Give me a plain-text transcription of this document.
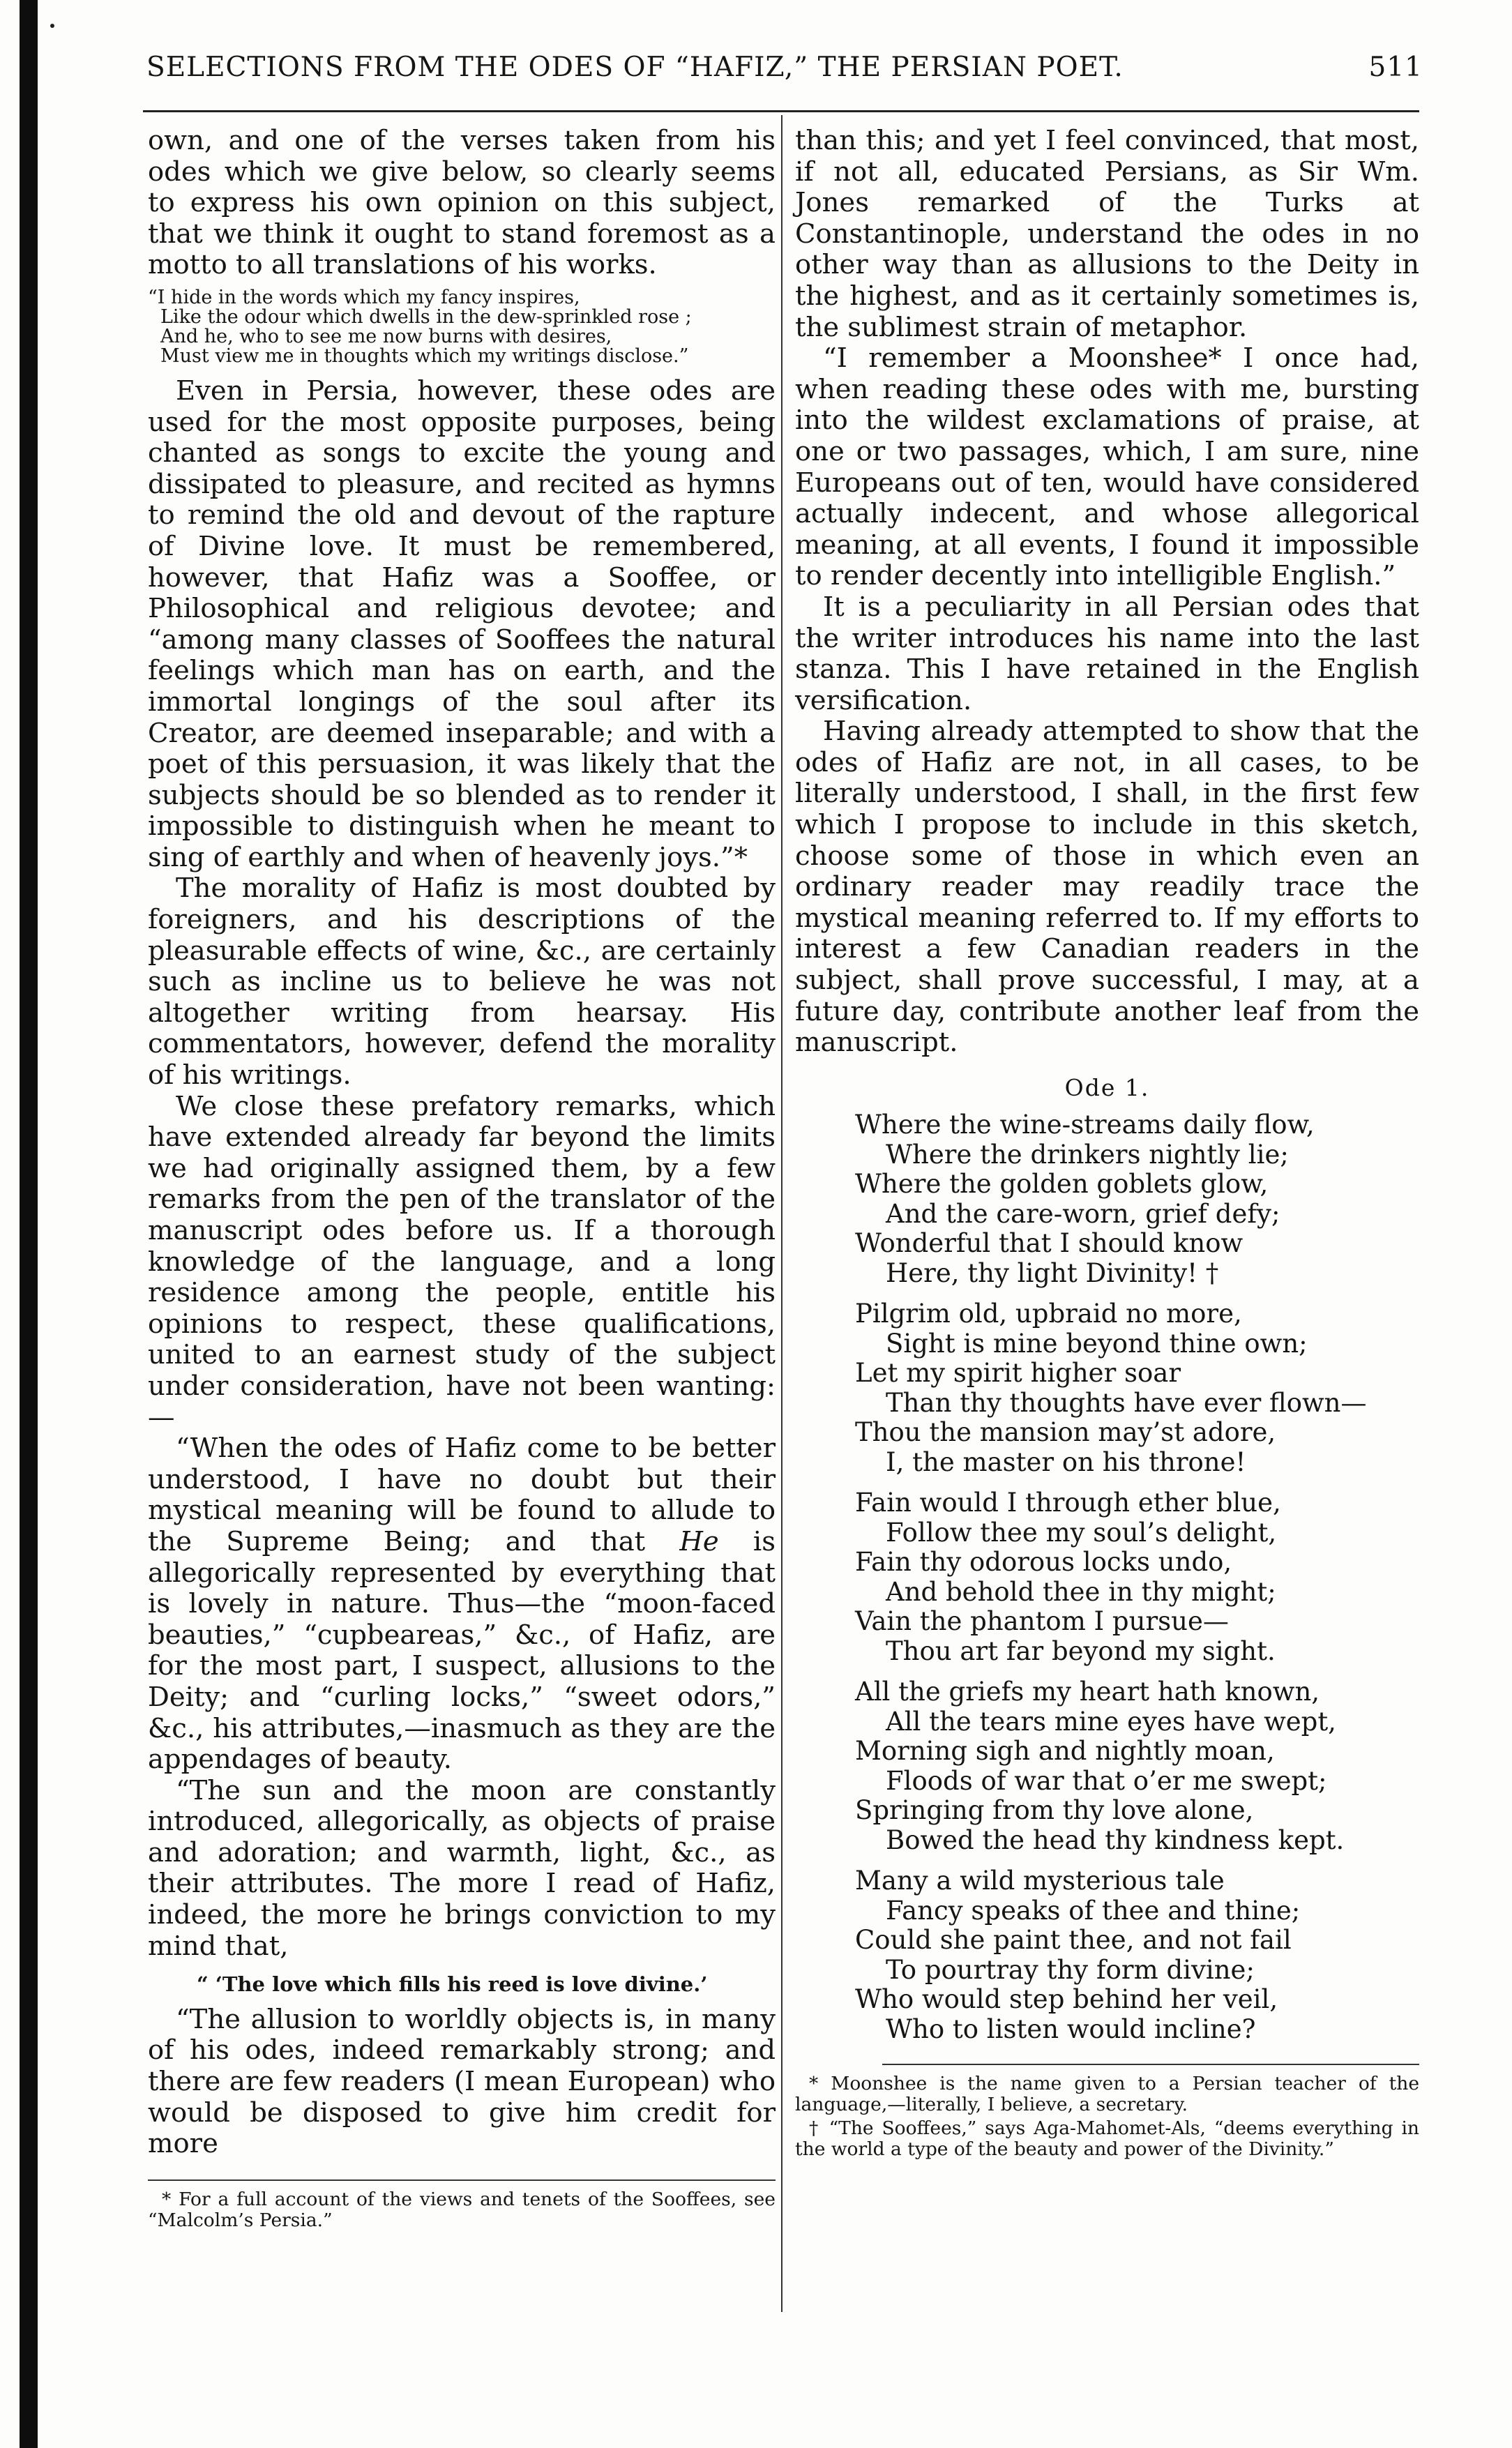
SELECTIONS FROM THE ODES OF “HAFIZ,” THE PERSIAN POET.	511

own, and one of the verses taken from his odes which we give below, so clearly seems to express his own opinion on this subject, that we think it ought to stand foremost as a motto to all translations of his works.

“I hide in the words which my fancy inspires,
Like the odour which dwells in the dew-sprinkled rose ;
And he, who to see me now burns with desires,
Must view me in thoughts which my writings disclose.”

Even in Persia, however, these odes are used for the most opposite purposes, being chanted as songs to excite the young and dissipated to pleasure, and recited as hymns to remind the old and devout of the rapture of Divine love. It must be remembered, however, that Hafiz was a Sooffee, or Philosophical and religious devotee; and “among many classes of Sooffees the natural feelings which man has on earth, and the immortal longings of the soul after its Creator, are deemed inseparable; and with a poet of this persuasion, it was likely that the subjects should be so blended as to render it impossible to distinguish when he meant to sing of earthly and when of heavenly joys.”*

The morality of Hafiz is most doubted by foreigners, and his descriptions of the pleasurable effects of wine, &c., are certainly such as incline us to believe he was not altogether writing from hearsay. His commentators, however, defend the morality of his writings.

We close these prefatory remarks, which have extended already far beyond the limits we had originally assigned them, by a few remarks from the pen of the translator of the manuscript odes before us. If a thorough knowledge of the language, and a long residence among the people, entitle his opinions to respect, these qualifications, united to an earnest study of the subject under consideration, have not been wanting:—

“When the odes of Hafiz come to be better understood, I have no doubt but their mystical meaning will be found to allude to the Supreme Being; and that He is allegorically represented by everything that is lovely in nature. Thus—the “moon-faced beauties,” “cupbeareas,” &c., of Hafiz, are for the most part, I suspect, allusions to the Deity; and “curling locks,” “sweet odors,” &c., his attributes,—inasmuch as they are the appendages of beauty.

“The sun and the moon are constantly introduced, allegorically, as objects of praise and adoration; and warmth, light, &c., as their attributes. The more I read of Hafiz, indeed, the more he brings conviction to my mind that,

“ ‘The love which fills his reed is love divine.’

“The allusion to worldly objects is, in many of his odes, indeed remarkably strong; and there are few readers (I mean European) who would be disposed to give him credit for more

* For a full account of the views and tenets of the Sooffees, see “Malcolm’s Persia.”

than this; and yet I feel convinced, that most, if not all, educated Persians, as Sir Wm. Jones remarked of the Turks at Constantinople, understand the odes in no other way than as allusions to the Deity in the highest, and as it certainly sometimes is, the sublimest strain of metaphor.

“I remember a Moonshee* I once had, when reading these odes with me, bursting into the wildest exclamations of praise, at one or two passages, which, I am sure, nine Europeans out of ten, would have considered actually indecent, and whose allegorical meaning, at all events, I found it impossible to render decently into intelligible English.”

It is a peculiarity in all Persian odes that the writer introduces his name into the last stanza. This I have retained in the English versification.

Having already attempted to show that the odes of Hafiz are not, in all cases, to be literally understood, I shall, in the first few which I propose to include in this sketch, choose some of those in which even an ordinary reader may readily trace the mystical meaning referred to. If my efforts to interest a few Canadian readers in the subject, shall prove successful, I may, at a future day, contribute another leaf from the manuscript.

Ode 1.
Where the wine-streams daily flow,
Where the drinkers nightly lie;
Where the golden goblets glow,
And the care-worn, grief defy;
Wonderful that I should know
Here, thy light Divinity! †
Pilgrim old, upbraid no more,
Sight is mine beyond thine own;
Let my spirit higher soar
Than thy thoughts have ever flown—
Thou the mansion may’st adore,
I, the master on his throne!
Fain would I through ether blue,
Follow thee my soul’s delight,
Fain thy odorous locks undo,
And behold thee in thy might;
Vain the phantom I pursue—
Thou art far beyond my sight.
All the griefs my heart hath known,
All the tears mine eyes have wept,
Morning sigh and nightly moan,
Floods of war that o’er me swept;
Springing from thy love alone,
Bowed the head thy kindness kept.
Many a wild mysterious tale
Fancy speaks of thee and thine;
Could she paint thee, and not fail
To pourtray thy form divine;
Who would step behind her veil,
Who to listen would incline?

* Moonshee is the name given to a Persian teacher of the language,—literally, I believe, a secretary.

† “The Sooffees,” says Aga-Mahomet-Als, “deems everything in the world a type of the beauty and power of the Divinity.”
